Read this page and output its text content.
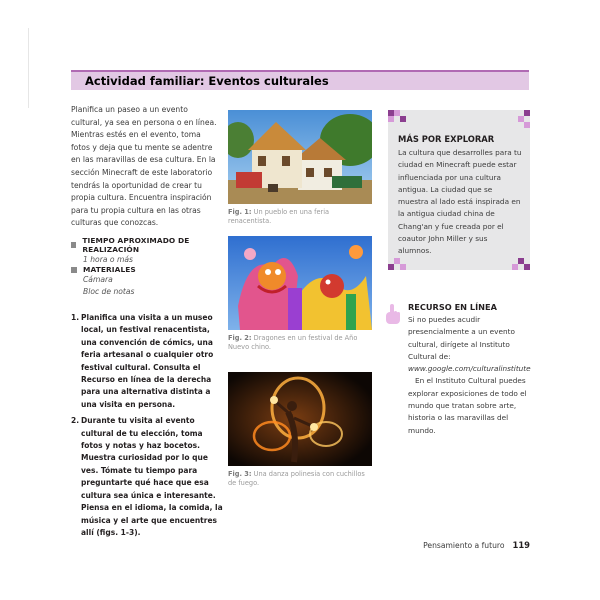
Actividad familiar: Eventos culturales
Planifica un paseo a un evento cultural, ya sea en persona o en línea. Mientras estés en el evento, toma fotos y deja que tu mente se adentre en las maravillas de esa cultura. En la sección Minecraft de este laboratorio tendrás la oportunidad de crear tu propia cultura. Encuentra inspiración para tu propia cultura en las otras culturas que conozcas.
TIEMPO APROXIMADO DE REALIZACIÓN
1 hora o más
MATERIALES
Cámara
Bloc de notas
1. Planifica una visita a un museo local, un festival renacentista, una convención de cómics, una feria artesanal o cualquier otro festival cultural. Consulta el Recurso en línea de la derecha para una alternativa distinta a una visita en persona.
2. Durante tu visita al evento cultural de tu elección, toma fotos y notas y haz bocetos. Muestra curiosidad por lo que ves. Tómate tu tiempo para preguntarte qué hace que esa cultura sea única e interesante. Piensa en el idioma, la comida, la música y el arte que encuentres allí (figs. 1-3).
Fig. 1: Un pueblo en una feria renacentista.
Fig. 2: Dragones en un festival de Año Nuevo chino.
Fig. 3: Una danza polinesia con cuchillos de fuego.
MÁS POR EXPLORAR
La cultura que desarrolles para tu ciudad en Minecraft puede estar influenciada por una cultura antigua. La ciudad que se muestra al lado está inspirada en la antigua ciudad china de Chang'an y fue creada por el coautor John Miller y sus alumnos.
RECURSO EN LÍNEA
Si no puedes acudir presencialmente a un evento cultural, dirígete al Instituto Cultural de:
www.google.com/culturalinstitute
En el Instituto Cultural puedes explorar exposiciones de todo el mundo que tratan sobre arte, historia o las maravillas del mundo.
Pensamiento a futuro 119
